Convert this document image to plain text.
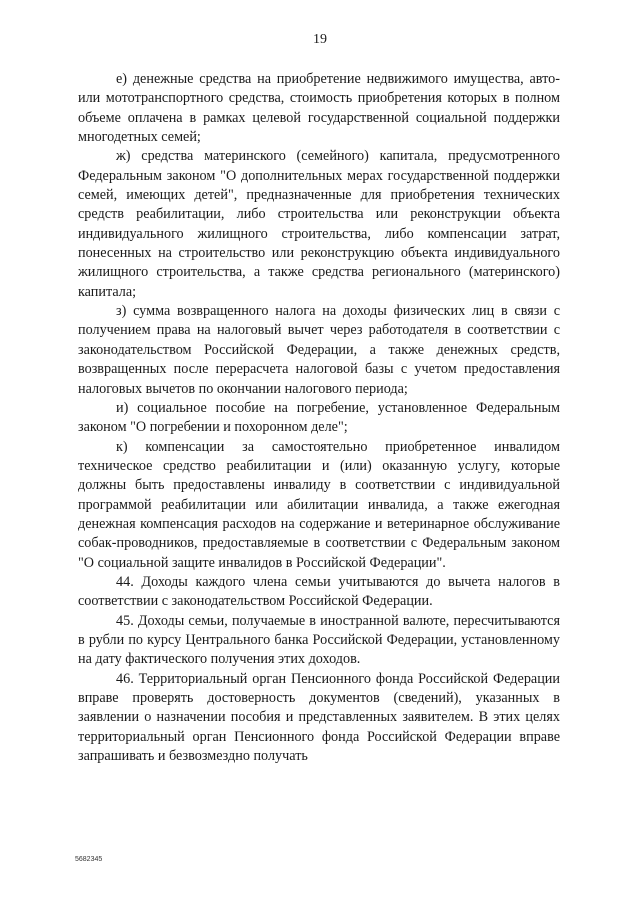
19

е) денежные средства на приобретение недвижимого имущества, авто- или мототранспортного средства, стоимость приобретения которых в полном объеме оплачена в рамках целевой государственной социальной поддержки многодетных семей;

ж) средства материнского (семейного) капитала, предусмотренного Федеральным законом "О дополнительных мерах государственной поддержки семей, имеющих детей", предназначенные для приобретения технических средств реабилитации, либо строительства или реконструкции объекта индивидуального жилищного строительства, либо компенсации затрат, понесенных на строительство или реконструкцию объекта индивидуального жилищного строительства, а также средства регионального (материнского) капитала;

з) сумма возвращенного налога на доходы физических лиц в связи с получением права на налоговый вычет через работодателя в соответствии с законодательством Российской Федерации, а также денежных средств, возвращенных после перерасчета налоговой базы с учетом предоставления налоговых вычетов по окончании налогового периода;

и) социальное пособие на погребение, установленное Федеральным законом "О погребении и похоронном деле";

к) компенсации за самостоятельно приобретенное инвалидом техническое средство реабилитации и (или) оказанную услугу, которые должны быть предоставлены инвалиду в соответствии с индивидуальной программой реабилитации или абилитации инвалида, а также ежегодная денежная компенсация расходов на содержание и ветеринарное обслуживание собак-проводников, предоставляемые в соответствии с Федеральным законом "О социальной защите инвалидов в Российской Федерации".

44. Доходы каждого члена семьи учитываются до вычета налогов в соответствии с законодательством Российской Федерации.

45. Доходы семьи, получаемые в иностранной валюте, пересчитываются в рубли по курсу Центрального банка Российской Федерации, установленному на дату фактического получения этих доходов.

46. Территориальный орган Пенсионного фонда Российской Федерации вправе проверять достоверность документов (сведений), указанных в заявлении о назначении пособия и представленных заявителем. В этих целях территориальный орган Пенсионного фонда Российской Федерации вправе запрашивать и безвозмездно получать

5682345
